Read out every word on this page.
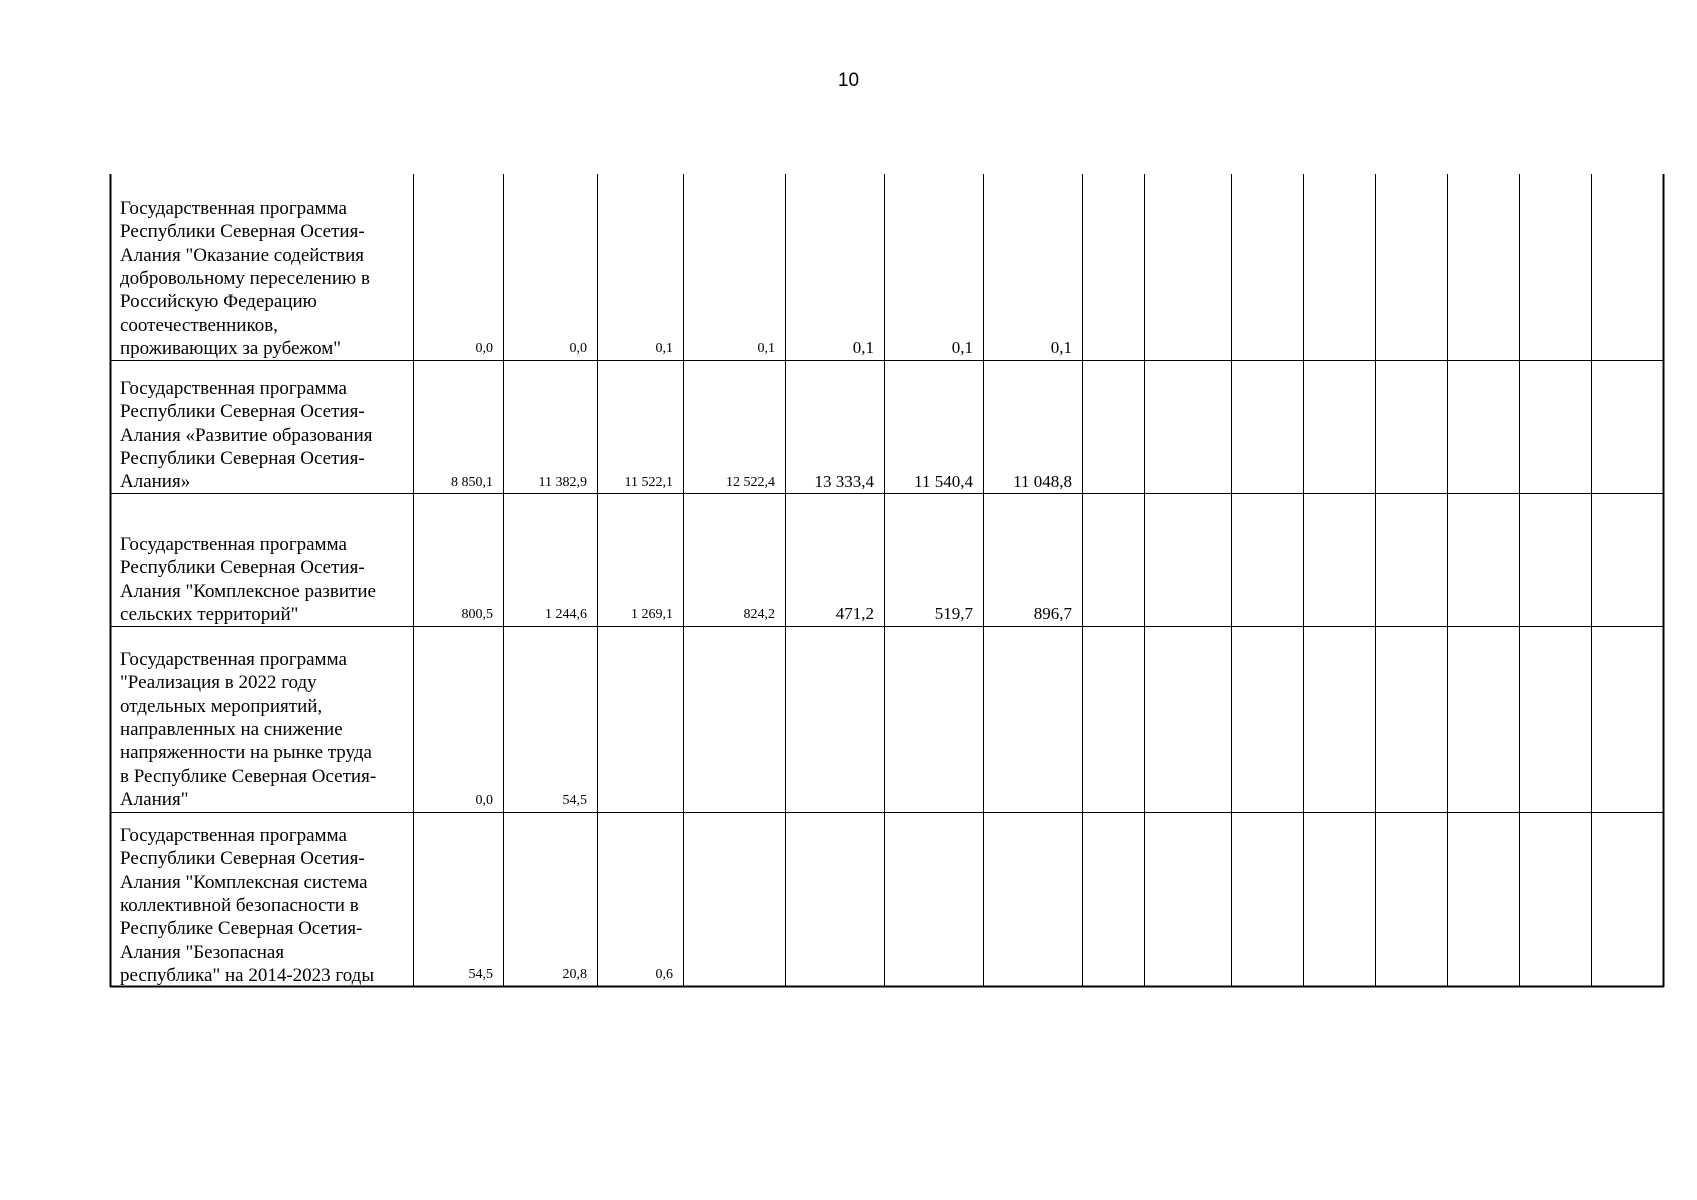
10
Государственная программа
Республики Северная Осетия-
Алания "Оказание содействия
добровольному переселению в
Российскую Федерацию
соотечественников,
проживающих за рубежом"	0,0	0,0	0,1	0,1	0,1	0,1	0,1
Государственная программа
Республики Северная Осетия-
Алания «Развитие образования
Республики Северная Осетия-
Алания»	8 850,1	11 382,9	11 522,1	12 522,4	13 333,4	11 540,4	11 048,8
Государственная программа
Республики Северная Осетия-
Алания "Комплексное развитие
сельских территорий"	800,5	1 244,6	1 269,1	824,2	471,2	519,7	896,7
Государственная программа
"Реализация в 2022 году
отдельных мероприятий,
направленных на снижение
напряженности на рынке труда
в Республике Северная Осетия-
Алания"	0,0	54,5
Государственная программа
Республики Северная Осетия-
Алания "Комплексная система
коллективной безопасности в
Республике Северная Осетия-
Алания "Безопасная
республика" на 2014-2023 годы	54,5	20,8	0,6
